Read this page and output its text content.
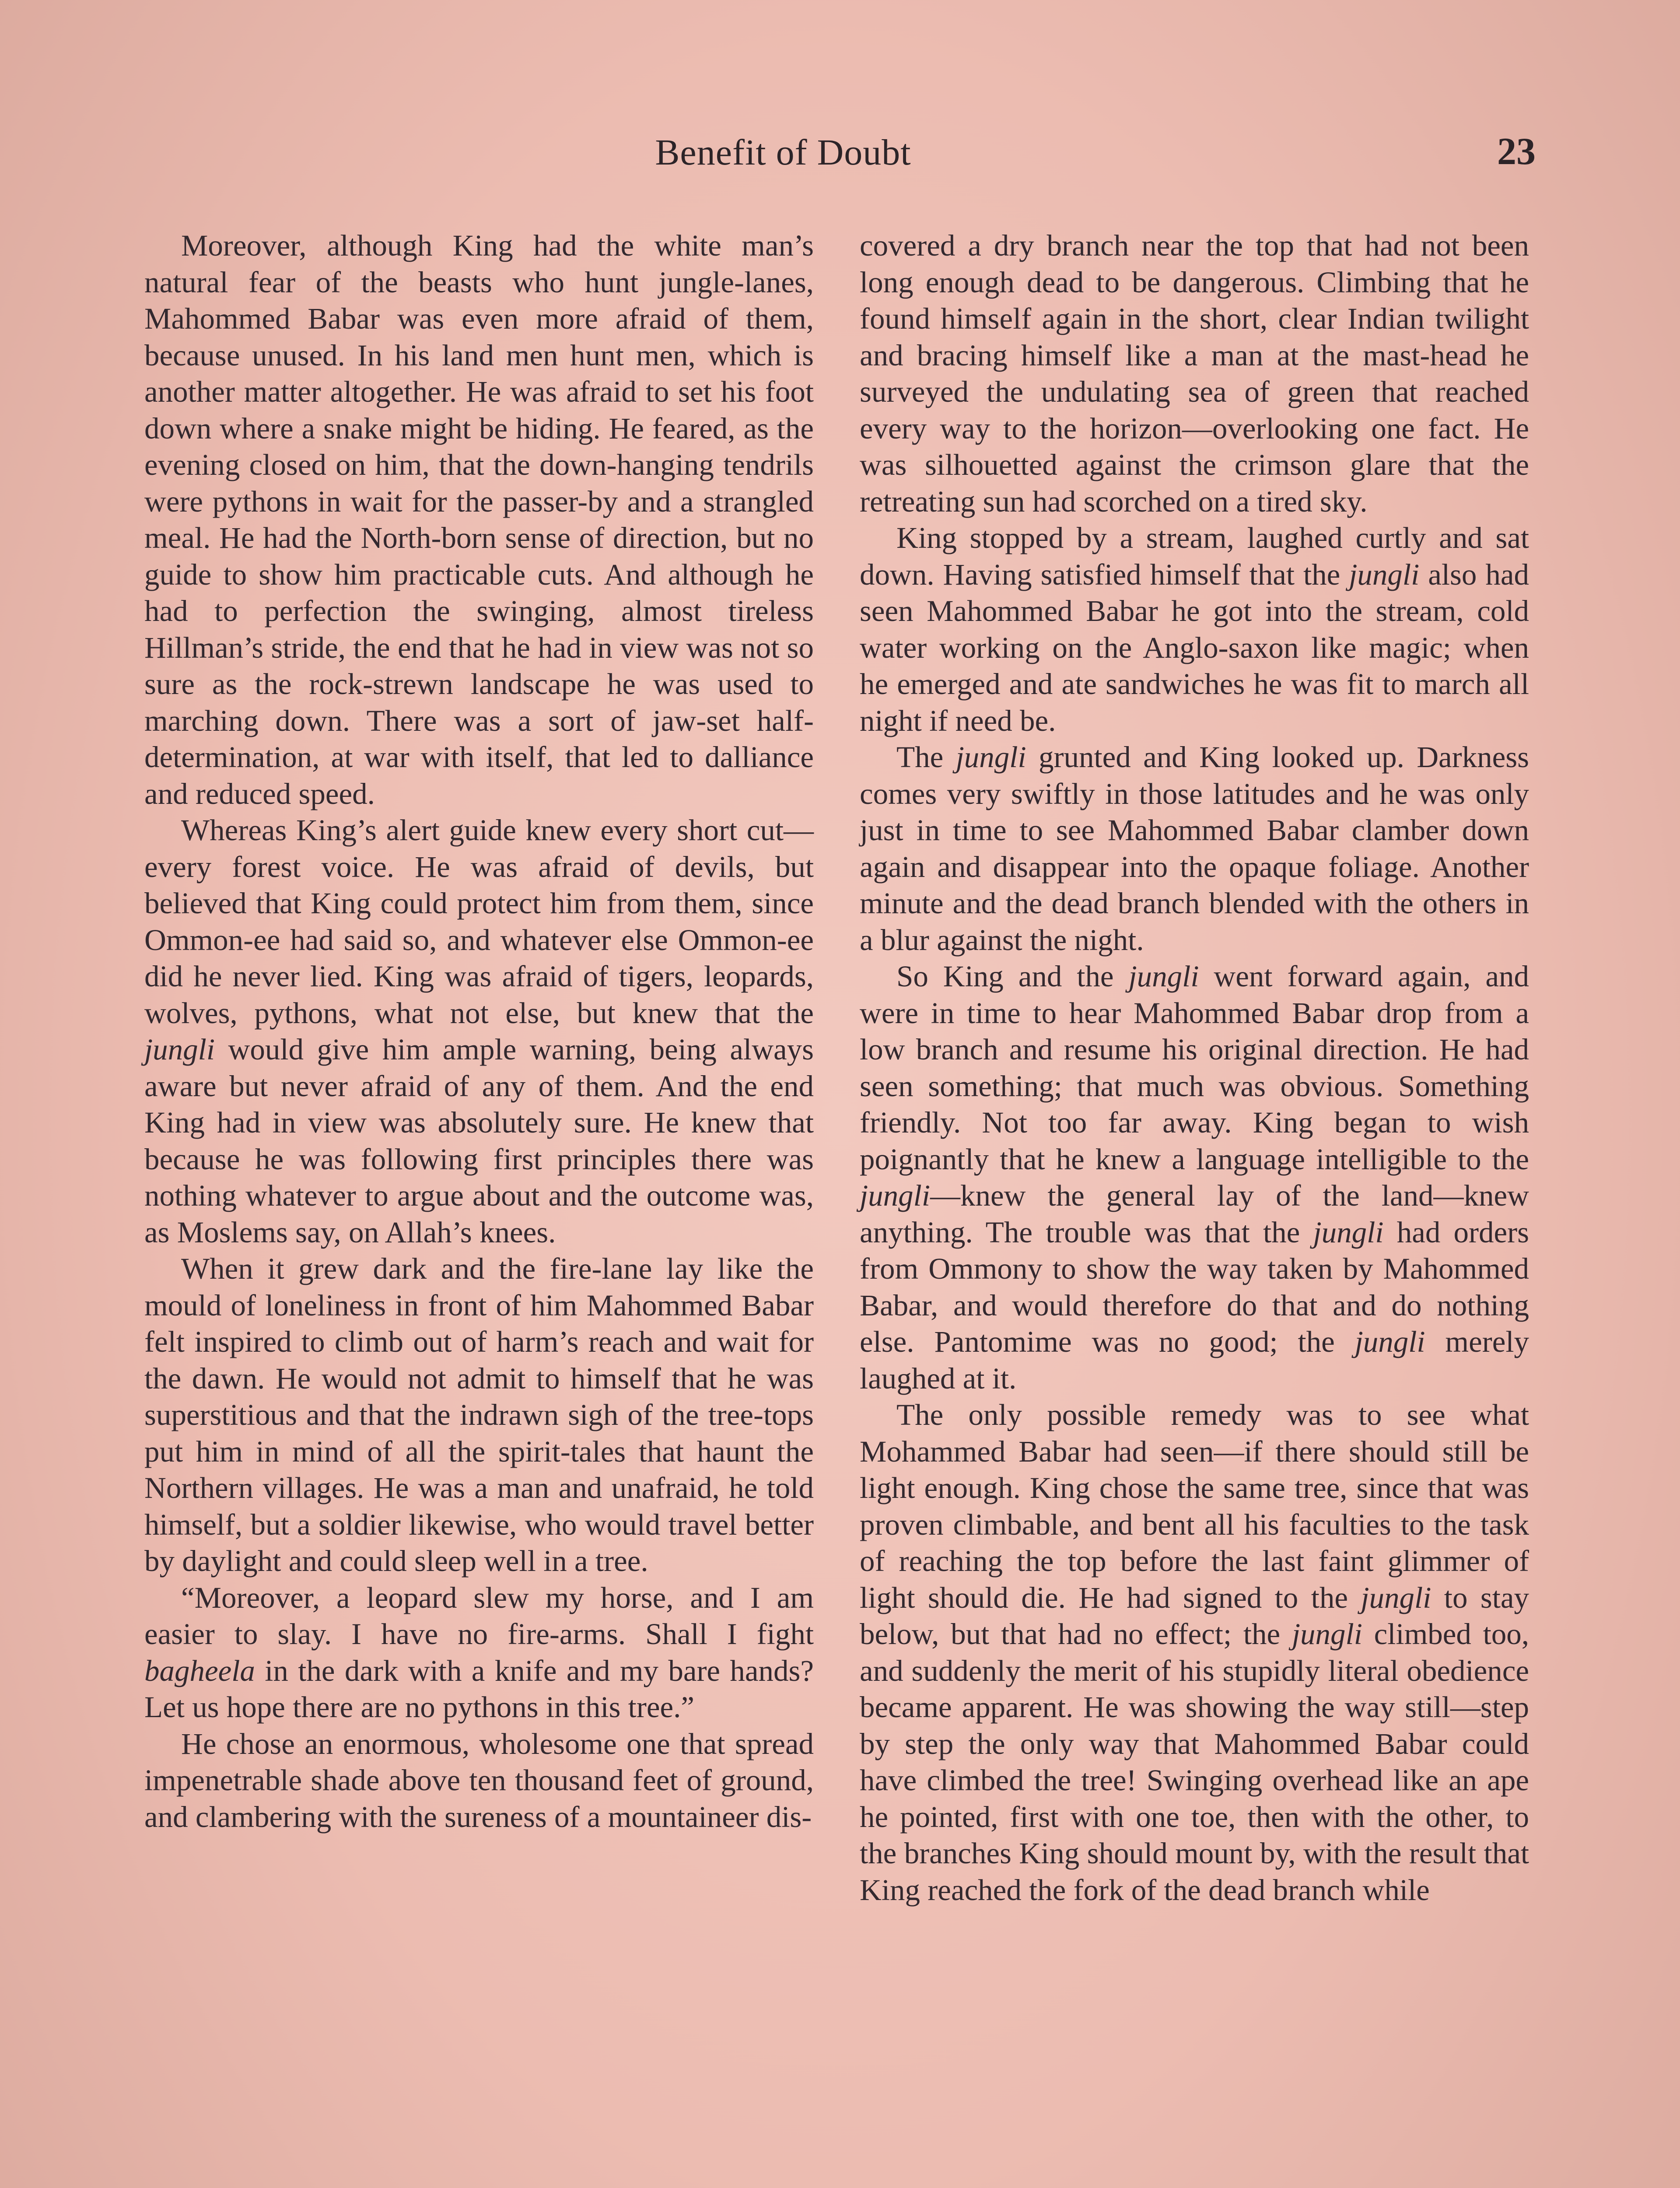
Benefit of Doubt	23

Moreover, although King had the white man’s natural fear of the beasts who hunt jungle-lanes, Mahommed Babar was even more afraid of them, because unused. In his land men hunt men, which is another matter altogether. He was afraid to set his foot down where a snake might be hiding. He feared, as the evening closed on him, that the down-hanging tendrils were pythons in wait for the passer-by and a strangled meal. He had the North-born sense of direction, but no guide to show him practicable cuts. And although he had to perfection the swinging, almost tireless Hillman’s stride, the end that he had in view was not so sure as the rock-strewn landscape he was used to marching down. There was a sort of jaw-set half-determination, at war with itself, that led to dalliance and reduced speed.

Whereas King’s alert guide knew every short cut—every forest voice. He was afraid of devils, but believed that King could protect him from them, since Ommon-ee had said so, and whatever else Ommon-ee did he never lied. King was afraid of tigers, leopards, wolves, pythons, what not else, but knew that the jungli would give him ample warning, being always aware but never afraid of any of them. And the end King had in view was absolutely sure. He knew that because he was following first principles there was nothing whatever to argue about and the outcome was, as Moslems say, on Allah’s knees.

When it grew dark and the fire-lane lay like the mould of loneliness in front of him Mahommed Babar felt inspired to climb out of harm’s reach and wait for the dawn. He would not admit to himself that he was superstitious and that the indrawn sigh of the tree-tops put him in mind of all the spirit-tales that haunt the Northern villages. He was a man and unafraid, he told himself, but a soldier likewise, who would travel better by daylight and could sleep well in a tree.

“Moreover, a leopard slew my horse, and I am easier to slay. I have no fire-arms. Shall I fight bagheela in the dark with a knife and my bare hands? Let us hope there are no pythons in this tree.”

He chose an enormous, wholesome one that spread impenetrable shade above ten thousand feet of ground, and clambering with the sureness of a mountaineer dis-

covered a dry branch near the top that had not been long enough dead to be dangerous. Climbing that he found himself again in the short, clear Indian twilight and bracing himself like a man at the mast-head he surveyed the undulating sea of green that reached every way to the horizon—overlooking one fact. He was silhouetted against the crimson glare that the retreating sun had scorched on a tired sky.

King stopped by a stream, laughed curtly and sat down. Having satisfied himself that the jungli also had seen Mahommed Babar he got into the stream, cold water working on the Anglo-saxon like magic; when he emerged and ate sandwiches he was fit to march all night if need be.

The jungli grunted and King looked up. Darkness comes very swiftly in those latitudes and he was only just in time to see Mahommed Babar clamber down again and disappear into the opaque foliage. Another minute and the dead branch blended with the others in a blur against the night.

So King and the jungli went forward again, and were in time to hear Mahommed Babar drop from a low branch and resume his original direction. He had seen something; that much was obvious. Something friendly. Not too far away. King began to wish poignantly that he knew a language intelligible to the jungli—knew the general lay of the land—knew anything. The trouble was that the jungli had orders from Ommony to show the way taken by Mahommed Babar, and would therefore do that and do nothing else. Pantomime was no good; the jungli merely laughed at it.

The only possible remedy was to see what Mohammed Babar had seen—if there should still be light enough. King chose the same tree, since that was proven climbable, and bent all his faculties to the task of reaching the top before the last faint glimmer of light should die. He had signed to the jungli to stay below, but that had no effect; the jungli climbed too, and suddenly the merit of his stupidly literal obedience became apparent. He was showing the way still—step by step the only way that Mahommed Babar could have climbed the tree! Swinging overhead like an ape he pointed, first with one toe, then with the other, to the branches King should mount by, with the result that King reached the fork of the dead branch while
